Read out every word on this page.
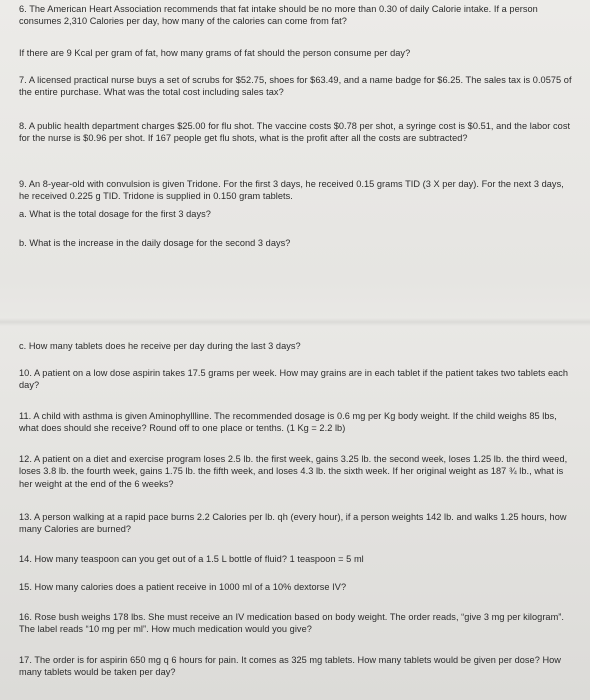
6. The American Heart Association recommends that fat intake should be no more than 0.30 of daily Calorie intake. If a person consumes 2,310 Calories per day, how many of the calories can come from fat?
If there are 9 Kcal per gram of fat, how many grams of fat should the person consume per day?
7. A licensed practical nurse buys a set of scrubs for $52.75, shoes for $63.49, and a name badge for $6.25. The sales tax is 0.0575 of the entire purchase. What was the total cost including sales tax?
8. A public health department charges $25.00 for flu shot. The vaccine costs $0.78 per shot, a syringe cost is $0.51, and the labor cost for the nurse is $0.96 per shot. If 167 people get flu shots, what is the profit after all the costs are subtracted?
9. An 8-year-old with convulsion is given Tridone. For the first 3 days, he received 0.15 grams TID (3 X per day). For the next 3 days, he received 0.225 g TID. Tridone is supplied in 0.150 gram tablets.
a. What is the total dosage for the first 3 days?
b. What is the increase in the daily dosage for the second 3 days?
c. How many tablets does he receive per day during the last 3 days?
10. A patient on a low dose aspirin takes 17.5 grams per week. How may grains are in each tablet if the patient takes two tablets each day?
11. A child with asthma is given Aminophyllline. The recommended dosage is 0.6 mg per Kg body weight. If the child weighs 85 lbs, what does should she receive? Round off to one place or tenths. (1 Kg = 2.2 lb)
12. A patient on a diet and exercise program loses 2.5 lb. the first week, gains 3.25 lb. the second week, loses 1.25 lb. the third weed, loses 3.8 lb. the fourth week, gains 1.75 lb. the fifth week, and loses 4.3 lb. the sixth week. If her original weight as 187 ¾ lb., what is her weight at the end of the 6 weeks?
13. A person walking at a rapid pace burns 2.2 Calories per lb. qh (every hour), if a person weights 142 lb. and walks 1.25 hours, how many Calories are burned?
14. How many teaspoon can you get out of a 1.5 L bottle of fluid? 1 teaspoon = 5 ml
15. How many calories does a patient receive in 1000 ml of a 10% dextorse IV?
16. Rose bush weighs 178 lbs. She must receive an IV medication based on body weight. The order reads, “give 3 mg per kilogram”. The label reads “10 mg per ml”. How much medication would you give?
17. The order is for aspirin 650 mg q 6 hours for pain. It comes as 325 mg tablets. How many tablets would be given per dose? How many tablets would be taken per day?
